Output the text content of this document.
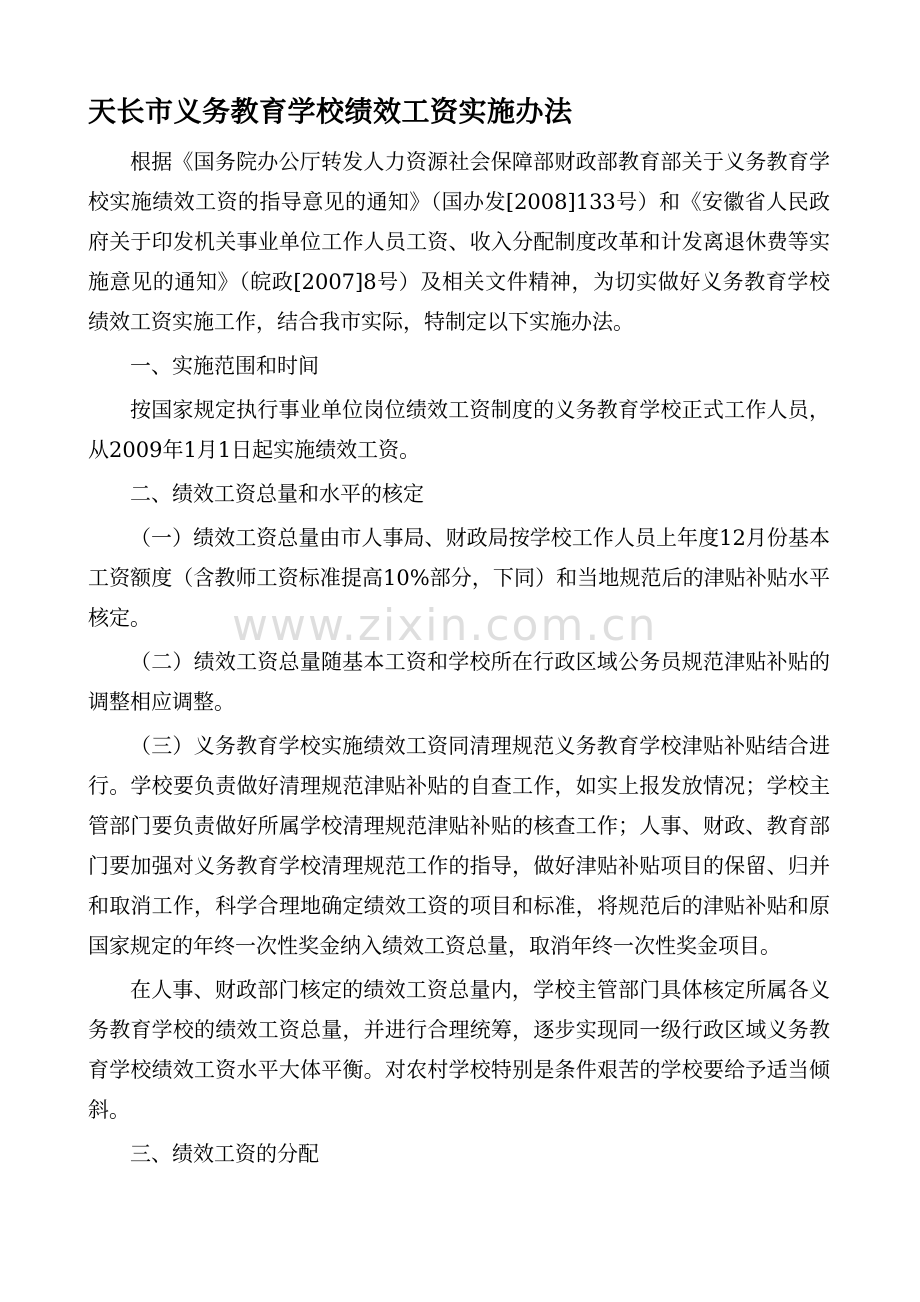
天长市义务教育学校绩效工资实施办法

根据《国务院办公厅转发人力资源社会保障部财政部教育部关于义务教育学校实施绩效工资的指导意见的通知》（国办发[2008]133号）和《安徽省人民政府关于印发机关事业单位工作人员工资、收入分配制度改革和计发离退休费等实施意见的通知》（皖政[2007]8号）及相关文件精神，为切实做好义务教育学校绩效工资实施工作，结合我市实际，特制定以下实施办法。

一、实施范围和时间

按国家规定执行事业单位岗位绩效工资制度的义务教育学校正式工作人员，从2009年1月1日起实施绩效工资。

二、绩效工资总量和水平的核定

（一）绩效工资总量由市人事局、财政局按学校工作人员上年度12月份基本工资额度（含教师工资标准提高10%部分，下同）和当地规范后的津贴补贴水平核定。

（二）绩效工资总量随基本工资和学校所在行政区域公务员规范津贴补贴的调整相应调整。

（三）义务教育学校实施绩效工资同清理规范义务教育学校津贴补贴结合进行。学校要负责做好清理规范津贴补贴的自查工作，如实上报发放情况；学校主管部门要负责做好所属学校清理规范津贴补贴的核查工作；人事、财政、教育部门要加强对义务教育学校清理规范工作的指导，做好津贴补贴项目的保留、归并和取消工作，科学合理地确定绩效工资的项目和标准，将规范后的津贴补贴和原国家规定的年终一次性奖金纳入绩效工资总量，取消年终一次性奖金项目。

在人事、财政部门核定的绩效工资总量内，学校主管部门具体核定所属各义务教育学校的绩效工资总量，并进行合理统筹，逐步实现同一级行政区域义务教育学校绩效工资水平大体平衡。对农村学校特别是条件艰苦的学校要给予适当倾斜。

三、绩效工资的分配

www.zixin.com.cn
